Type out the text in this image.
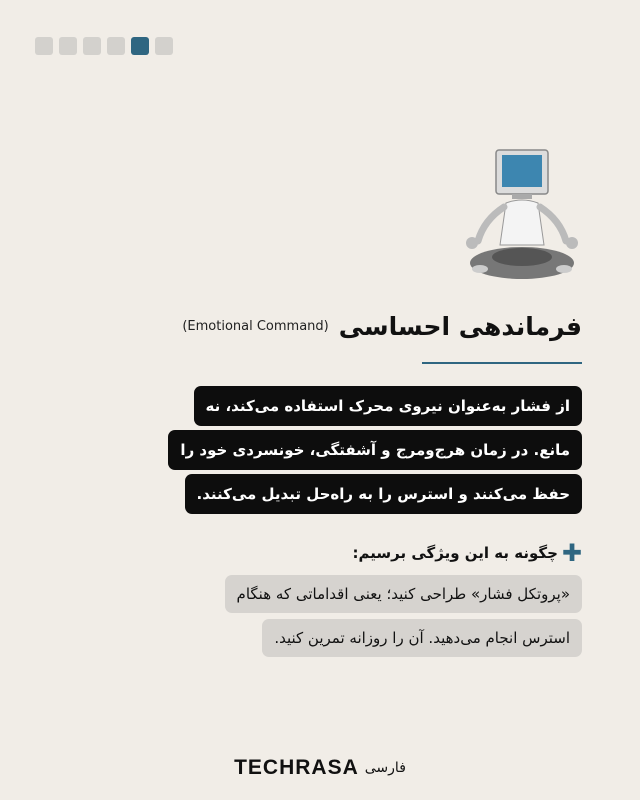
فرماندهی احساسی
(Emotional Command)
از فشار به‌عنوان نیروی محرک استفاده می‌کند، نه
مانع. در زمان هرج‌ومرج و آشفتگی، خونسردی خود را
حفظ می‌کنند و استرس را به راه‌حل تبدیل می‌کنند.
✚
چگونه به این ویژگی برسیم:
«پروتکل فشار» طراحی کنید؛ یعنی اقداماتی که هنگام
استرس انجام می‌دهید. آن را روزانه تمرین کنید.
TECHRASA فارسی
